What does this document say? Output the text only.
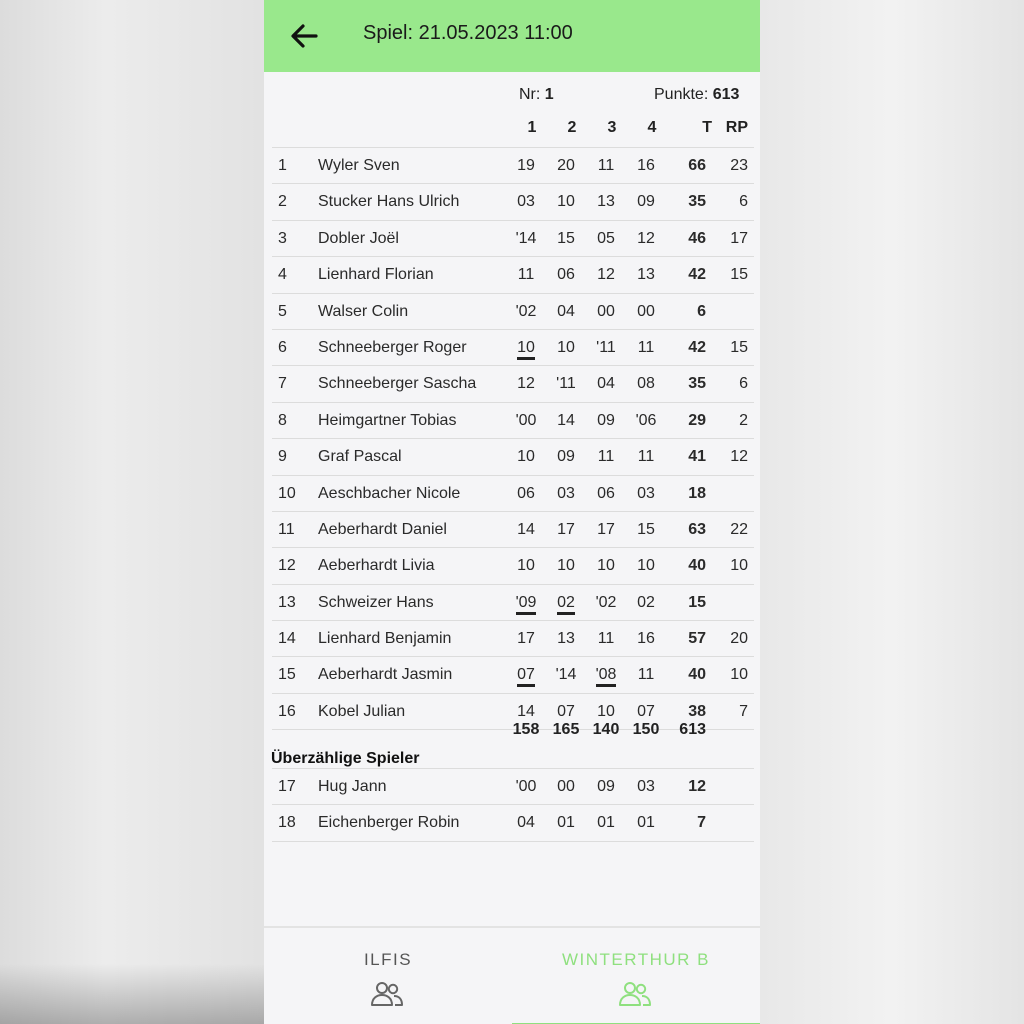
Spiel: 21.05.2023 11:00
Nr: 1	Punkte: 613
1	2	3	4	T RP
1 Wyler Sven	19	20	11	16	66	23
2 Stucker Hans Ulrich	03	10	13	09	35	6
3 Dobler Joël	'14	15	05	12	46	17
4 Lienhard Florian	11	06	12	13	42	15
5 Walser Colin	'02	04	00	00	6
6 Schneeberger Roger	10	10	'11	11	42	15
7 Schneeberger Sascha	12	'11	04	08	35	6
8 Heimgartner Tobias	'00	14	09	'06	29	2
9 Graf Pascal	10	09	11	11	41	12
10 Aeschbacher Nicole	06	03	06	03	18
11 Aeberhardt Daniel	14	17	17	15	63	22
12 Aeberhardt Livia	10	10	10	10	40	10
13 Schweizer Hans	'09	02	'02	02	15
14 Lienhard Benjamin	17	13	11	16	57	20
15 Aeberhardt Jasmin	07	'14	'08	11	40	10
16 Kobel Julian	14	07	10	07	38	7
158 165 140 150	613
Überzählige Spieler
17 Hug Jann	'00	00	09	03	12
18 Eichenberger Robin	04	01	01	01	7
ILFIS	WINTERTHUR B
